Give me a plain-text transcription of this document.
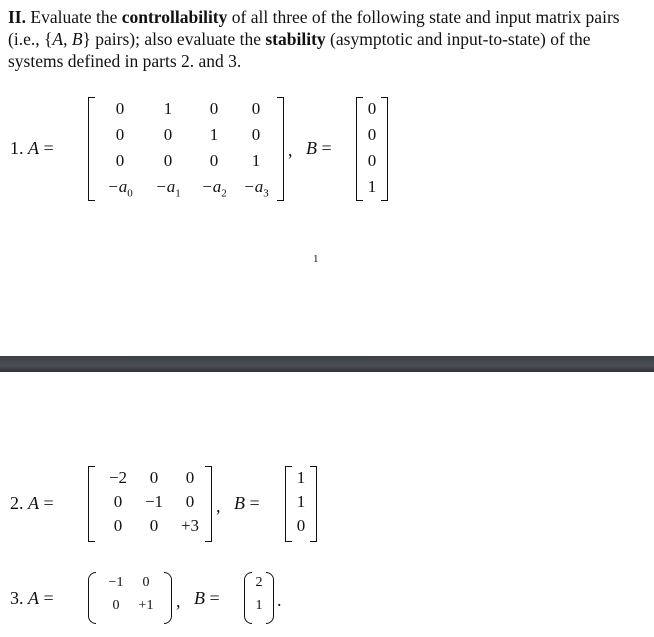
II. Evaluate the controllability of all three of the following state and input matrix pairs (i.e., {A, B} pairs); also evaluate the stability (asymptotic and input-to-state) of the systems defined in parts 2. and 3.
1. A =
0 1 0 0
0 0 1 0
0 0 0 1
$-a_0 -a_1 -a_2 -a_3$
, B =
0
0
0
1
1
2. A =
−2 0 0
0 −1 0
0 0 +3
, B =
1
1
0
3. A =
−1 0
0 +1 , B =
2
1 .
